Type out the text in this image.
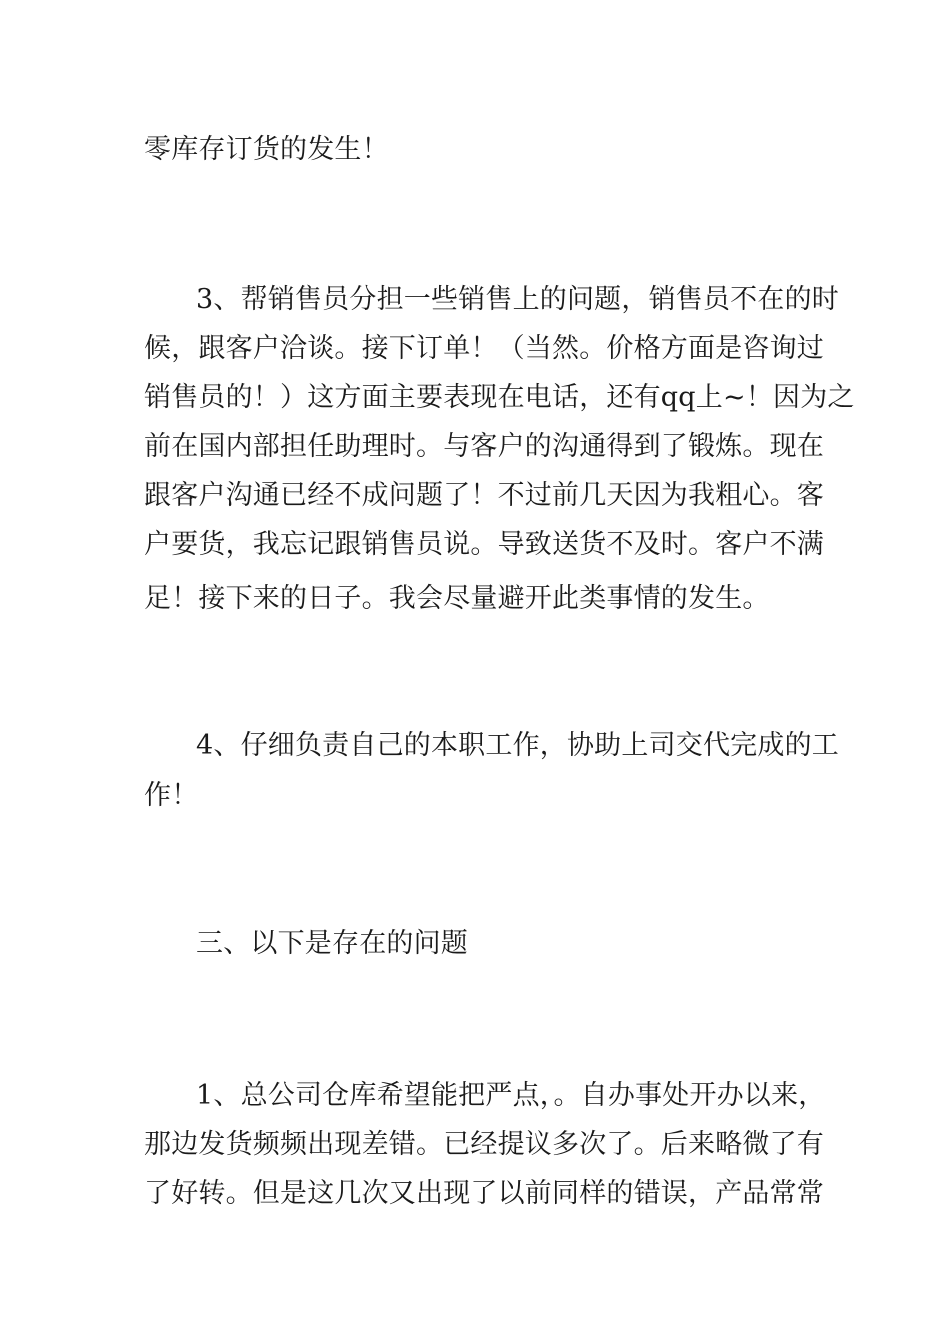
零库存订货的发生！
3、帮销售员分担一些销售上的问题，销售员不在的时
候，跟客户洽谈。接下订单！（当然。价格方面是咨询过
销售员的！）这方面主要表现在电话，还有qq上~！因为之
前在国内部担任助理时。与客户的沟通得到了锻炼。现在
跟客户沟通已经不成问题了！不过前几天因为我粗心。客
户要货，我忘记跟销售员说。导致送货不及时。客户不满
足！接下来的日子。我会尽量避开此类事情的发生。
4、仔细负责自己的本职工作，协助上司交代完成的工
作！
三、以下是存在的问题
1、总公司仓库希望能把严点，。自办事处开办以来，
那边发货频频出现差错。已经提议多次了。后来略微了有
了好转。但是这几次又出现了以前同样的错误，产品常常
